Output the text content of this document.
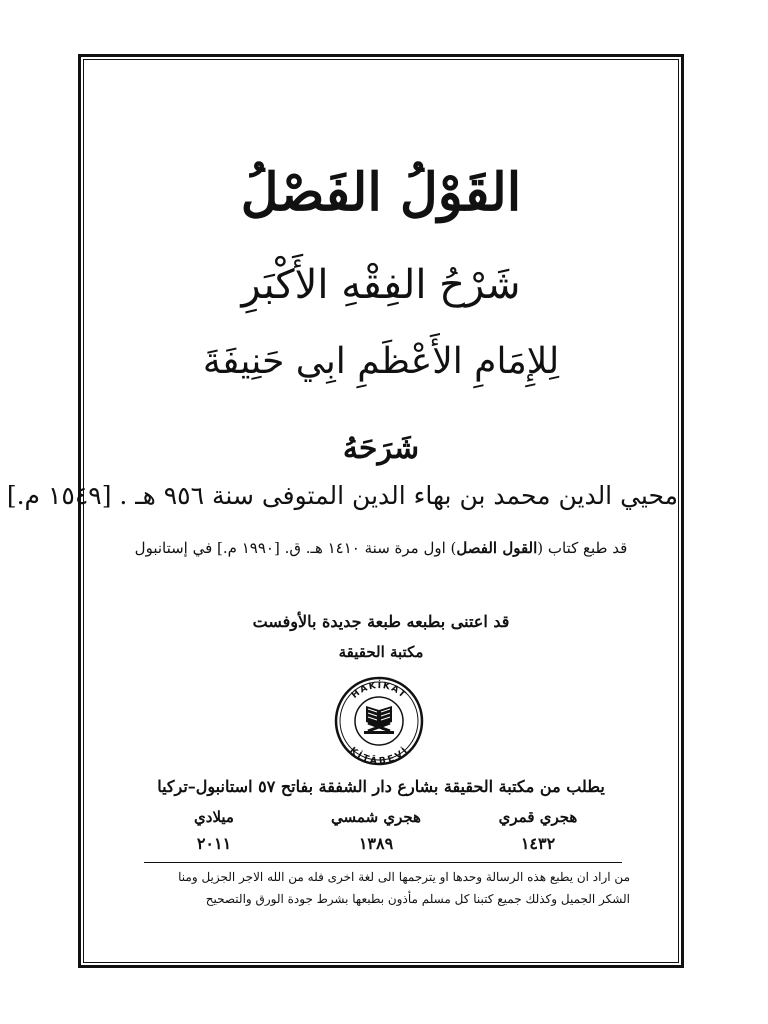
القَوْلُ الفَصْلُ
شَرْحُ الفِقْهِ الأَكْبَرِ
لِلإِمَامِ الأَعْظَمِ ابِي حَنِيفَةَ
شَرَحَهُ
محيي الدين محمد بن بهاء الدين المتوفى سنة ٩٥٦ هـ . [١٥٤٩ م.]
قد طبع كتاب (القول الفصل) اول مرة سنة ١٤١٠ هـ. ق. [١٩٩٠ م.] في إستانبول
قد اعتنى بطبعه طبعة جديدة بالأوفست
مكتبة الحقيقة
HAKİKAT
KİTÂBEVİ
يطلب من مكتبة الحقيقة بشارع دار الشفقة بفاتح ٥٧ استانبول–تركيا
هجري قمري
١٤٣٢
هجري شمسي
١٣٨٩
ميلادي
٢٠١١
من اراد ان يطبع هذه الرسالة وحدها او يترجمها الى لغة اخرى فله من الله الاجر الجزيل ومنا
الشكر الجميل وكذلك جميع كتبنا كل مسلم مأذون بطبعها بشرط جودة الورق والتصحيح
